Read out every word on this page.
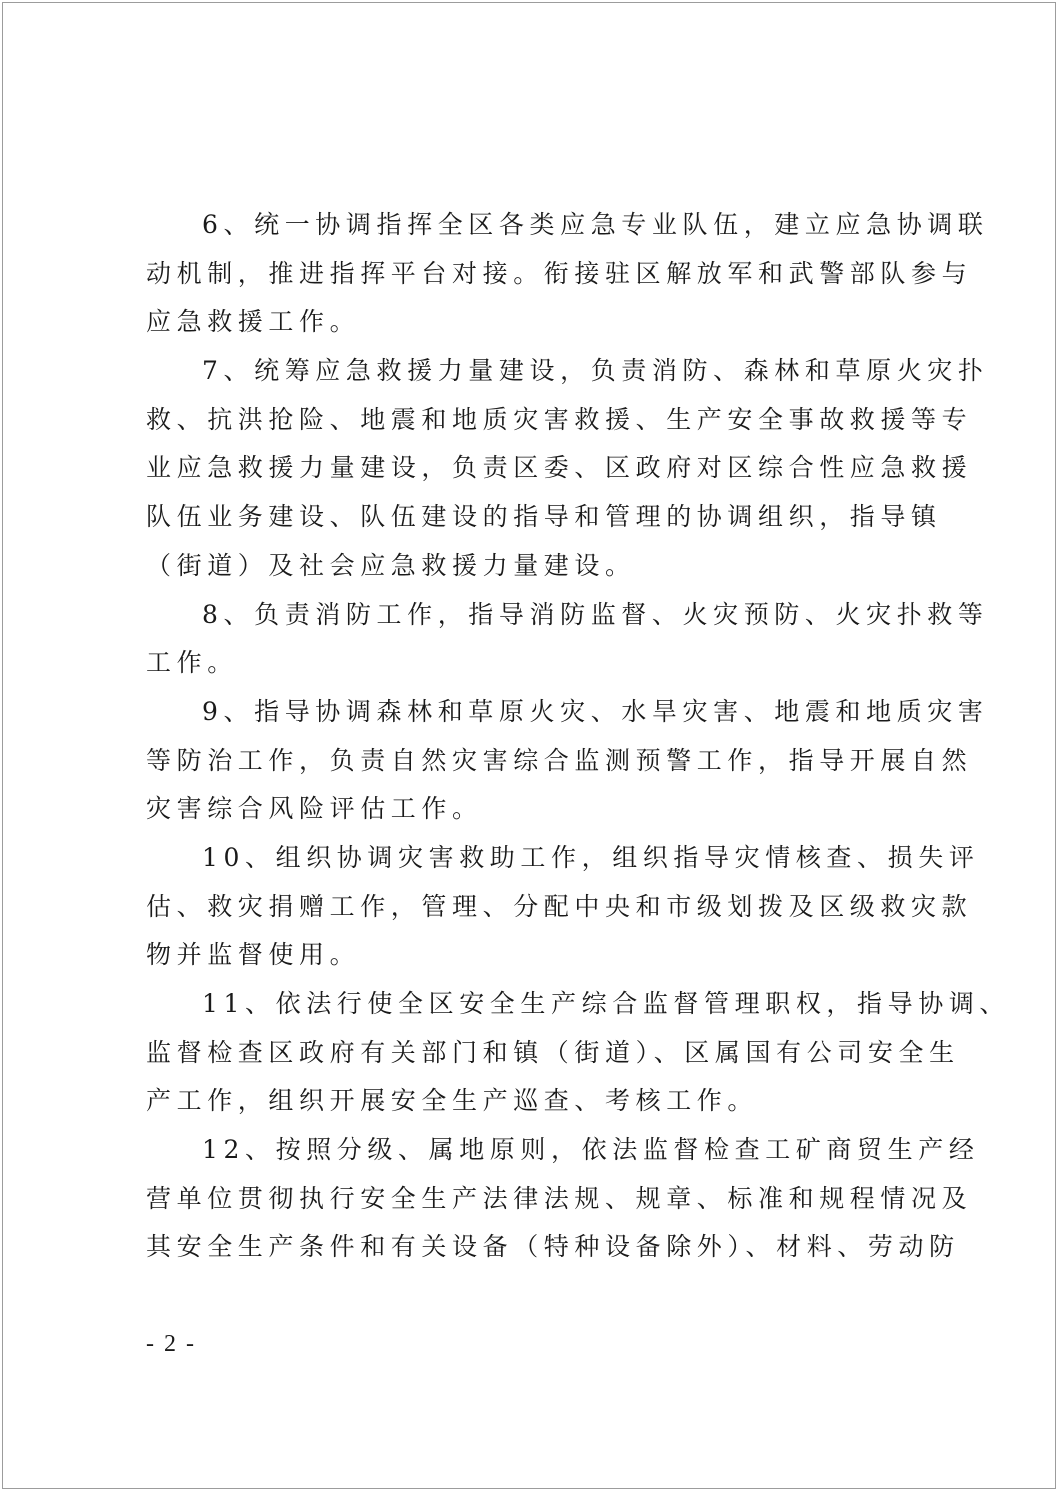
6、统一协调指挥全区各类应急专业队伍，建立应急协调联
动机制，推进指挥平台对接。衔接驻区解放军和武警部队参与
应急救援工作。
7、统筹应急救援力量建设，负责消防、森林和草原火灾扑
救、抗洪抢险、地震和地质灾害救援、生产安全事故救援等专
业应急救援力量建设，负责区委、区政府对区综合性应急救援
队伍业务建设、队伍建设的指导和管理的协调组织，指导镇
（街道）及社会应急救援力量建设。
8、负责消防工作，指导消防监督、火灾预防、火灾扑救等
工作。
9、指导协调森林和草原火灾、水旱灾害、地震和地质灾害
等防治工作，负责自然灾害综合监测预警工作，指导开展自然
灾害综合风险评估工作。
10、组织协调灾害救助工作，组织指导灾情核查、损失评
估、救灾捐赠工作，管理、分配中央和市级划拨及区级救灾款
物并监督使用。
11、依法行使全区安全生产综合监督管理职权，指导协调、
监督检查区政府有关部门和镇（街道）、区属国有公司安全生
产工作，组织开展安全生产巡查、考核工作。
12、按照分级、属地原则，依法监督检查工矿商贸生产经
营单位贯彻执行安全生产法律法规、规章、标准和规程情况及
其安全生产条件和有关设备（特种设备除外）、材料、劳动防
- 2 -
